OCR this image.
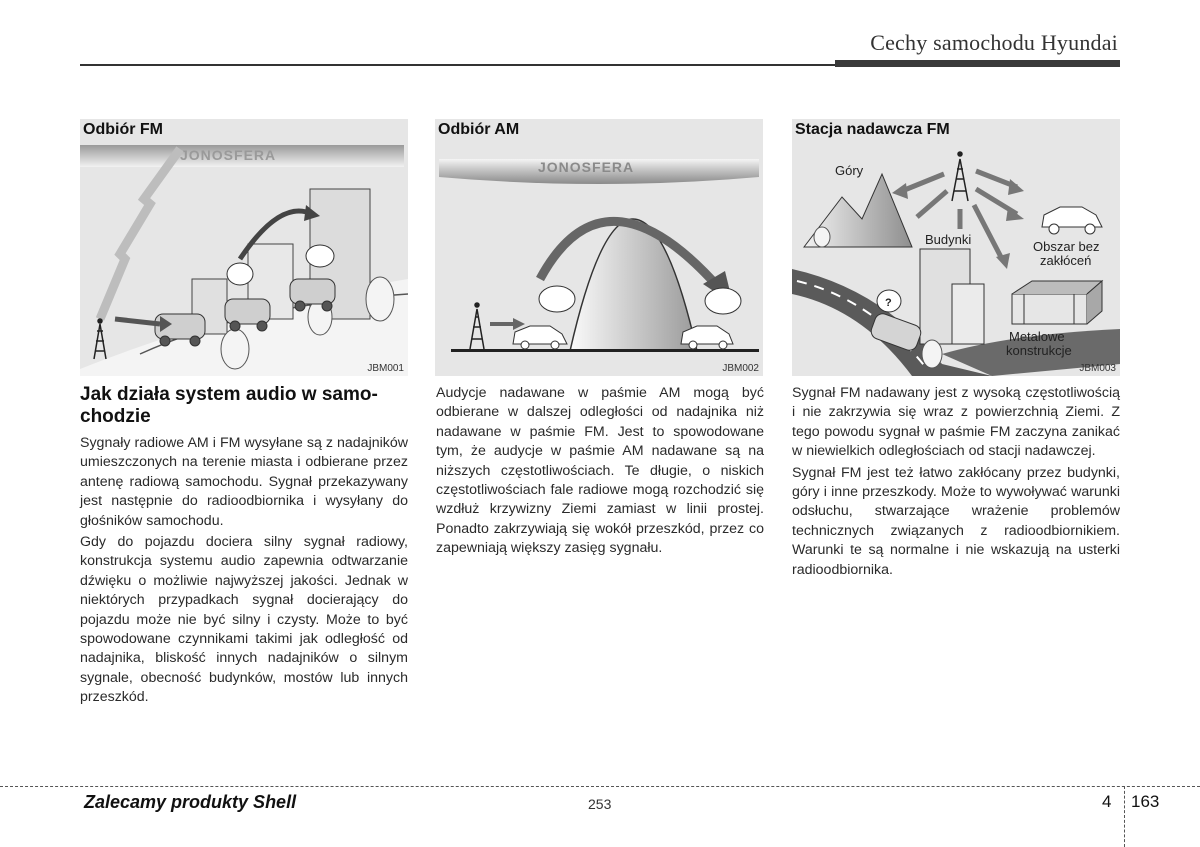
Cechy samochodu Hyundai
JONOSFERA
Odbiór FM
JBM001
JONOSFERA
Odbiór AM
JBM002
Góry
Obszar bez
zakłóceń
Budynki
Metalowe
konstrukcje
?
Stacja nadawcza FM
JBM003
Jak działa system audio w samo-
chodzie

Sygnały radiowe AM i FM wysyłane są z nadajników umieszczonych na terenie miasta i odbierane przez antenę radiową samochodu. Sygnał przekazywany jest następnie do radioodbiornika i wysyłany do głośników samochodu.

Gdy do pojazdu dociera silny sygnał radiowy, konstrukcja systemu audio zapewnia odtwarzanie dźwięku o możliwie najwyższej jakości. Jednak w niektórych przypadkach sygnał docierający do pojazdu może nie być silny i czysty. Może to być spowodowane czynnikami takimi jak odległość od nadajnika, bliskość innych nadajników o silnym sygnale, obecność budynków, mostów lub innych przeszkód.

Audycje nadawane w paśmie AM mogą być odbierane w dalszej odległości od nadajnika niż nadawane w paśmie FM. Jest to spowodowane tym, że audycje w paśmie AM nadawane są na niższych częstotliwościach. Te długie, o niskich częstotliwościach fale radiowe mogą rozchodzić się wzdłuż krzywizny Ziemi zamiast w linii prostej. Ponadto zakrzywiają się wokół przeszkód, przez co zapewniają większy zasięg sygnału.

Sygnał FM nadawany jest z wysoką częstotliwością i nie zakrzywia się wraz z powierzchnią Ziemi. Z tego powodu sygnał w paśmie FM zaczyna zanikać w niewielkich odległościach od stacji nadawczej.

Sygnał FM jest też łatwo zakłócany przez budynki, góry i inne przeszkody. Może to wywoływać warunki odsłuchu, stwarzające wrażenie problemów technicznych związanych z radioodbiornikiem. Warunki te są normalne i nie wskazują na usterki radioodbiornika.

Zalecamy produkty Shell	253	4 163
